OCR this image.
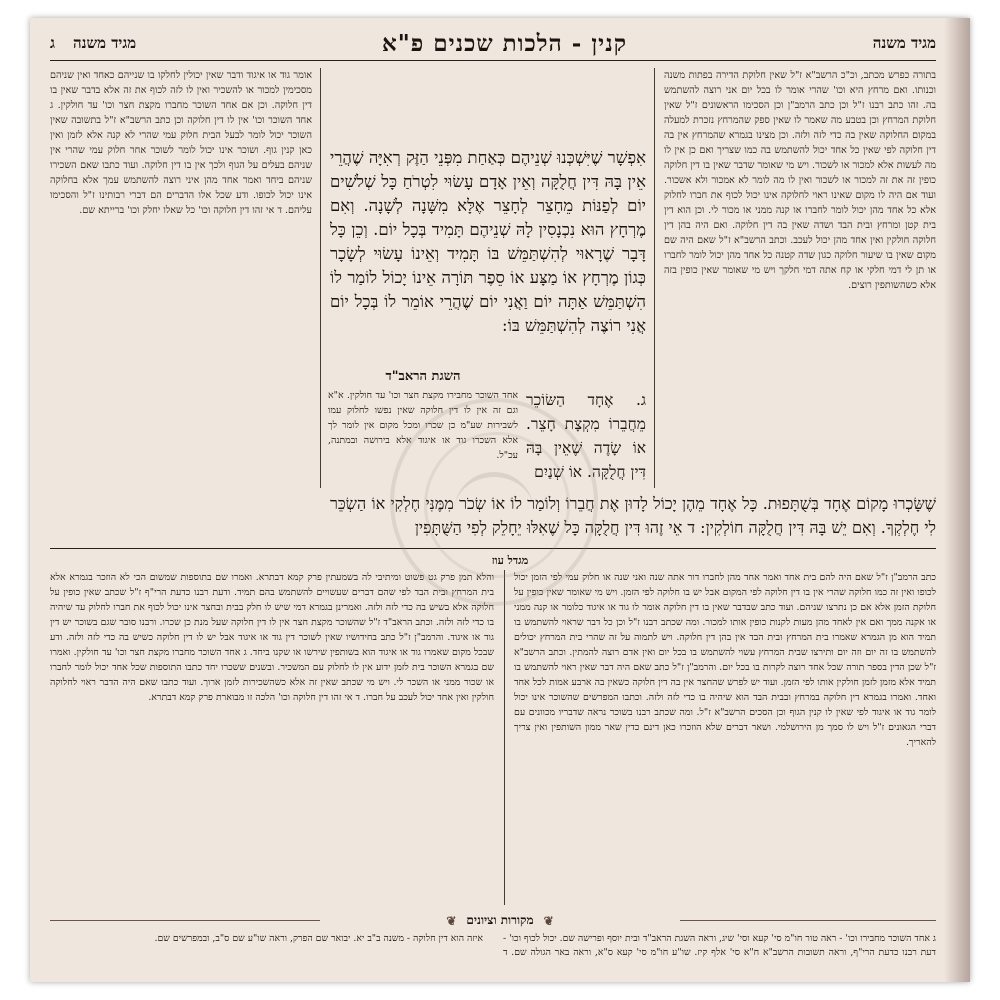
מגיד משנה
קנין - הלכות שכנים פ"א
מגיד משנה
ג
בתורה כפרש מכתב, וכ"כ הרשב"א ז"ל שאין חלוקת הדירה בפתות משנה וכנותו. ואם מרחץ היא וכו' שהרי אומר לו בכל יום אני רוצה להשתמש בה. זהו כתב רבנו ז"ל וכן כתב הרמב"ן וכן הסכימו הראשונים ז"ל שאין חלוקת המרחץ וכן בטבע מה שאמר לו שאין ספק שהמרחץ נזכרת למעלה במקום החלוקה שאין בה כדי לזה ולזה. וכן מצינו בגמרא שהמרחץ אין בה דין חלוקה לפי שאין כל אחד יכול להשתמש בה כמו שצריך ואם כן אין לו מה לעשות אלא למכור או לשכור. ויש מי שאומר שדבר שאין בו דין חלוקה כופין זה את זה למכור או לשכור ואין לו מה לומר לא אמכור ולא אשכור. ועוד אם היה לו מקום שאינו ראוי לחלוקה אינו יכול לכוף את חברו לחלוק אלא כל אחד מהן יכול לומר לחברו או קנה ממני או מכור לי. וכן הוא דין בית קטן ומרחץ ובית הבד ושדה שאין בה דין חלוקה. ואם היה בהן דין חלוקה חולקין ואין אחד מהן יכול לעכב. וכתב הרשב"א ז"ל שאם היה שם מקום שאין בו שיעור חלוקה כגון שדה קטנה כל אחד מהן יכול לומר לחברו או תן לי דמי חלקי או קח אתה דמי חלקך ויש מי שאומר שאין כופין בזה אלא כשהשותפין רוצים.
אומר גוד או איגוד ודבר שאין יכולין לחלקו בו שנייהם כאחד ואין שניהם מסכימין למכור או להשכיר ואין לו לזה לכוף את זה אלא בדבר שאין בו דין חלוקה. וכן אם אחד השוכר מחברו מקצת חצר וכו' עד חולקין. ג אחד השוכר וכו' אין לו דין חלוקה וכן כתב הרשב"א ז"ל בתשובה שאין השוכר יכול לומר לבעל הבית חלוק עמי שהרי לא קנה אלא לזמן ואין כאן קנין גוף. ושוכר אינו יכול לומר לשוכר אחר חלוק עמי שהרי אין שניהם בעלים על הגוף ולכך אין בו דין חלוקה. ועוד כתבו שאם השכירו שניהם ביחד ואמר אחד מהן איני רוצה להשתמש עמך אלא בחלוקה אינו יכול לכופו. ודע שכל אלו הדברים הם דברי רבותינו ז"ל והסכימו עליהם. ד אי זהו דין חלוקה וכו' כל שאלו יחלק וכו' ברייתא שם.
אִפְשָׁר שֶׁיִּשְׁכְּנוּ שְׁנֵיהֶם כְּאַחַת מִפְּנֵי הַזֶּק רְאִיָּה שֶׁהֲרֵי אֵין בָּהּ דִּין חֲלֻקָּה וְאֵין אָדָם עָשׂוּי לִטְרֹחַ כָּל שְׁלֹשִׁים יוֹם לְפַנּוֹת מֵחָצֵר לְחָצֵר אֶלָּא מִשָּׁנָה לְשָׁנָה. וְאִם מֶרְחָץ הוּא נִכְנָסִין לָהּ שְׁנֵיהֶם תָּמִיד בְּכָל יוֹם. וְכֵן כָּל דָּבָר שֶׁרָאוּי לְהִשְׁתַּמֵּשׁ בּוֹ תָּמִיד וְאֵינוֹ עָשׂוּי לְשָׂכָר כְּגוֹן מֶרְחָץ אוֹ מַצָּע אוֹ סֵפֶר תּוֹרָה אֵינוֹ יָכוֹל לוֹמַר לוֹ הִשְׁתַּמֵּשׁ אַתָּה יוֹם וַאֲנִי יוֹם שֶׁהֲרֵי אוֹמֵר לוֹ בְּכָל יוֹם אֲנִי רוֹצֶה לְהִשְׁתַּמֵּשׁ בּוֹ:
השגת הראב"ד
אחד השוכר מחבירו מקצת חצר וכו' עד חולקין. א"א וגם זה אין לו דין חלוקה שאין נפשו לחלוק עמו לשבירות שע"מ כן שכרו ומכל מקום אין לומר לך אלא השכרו גוד או איגוד אלא בירושה ובמתנה, עכ"ל.
ג. אֶחָד הַשּׂוֹכֵר מֵחֲבֵרוֹ מִקְצָת חָצֵר. אוֹ שָׂדֶה שֶׁאֵין בָּהּ דִּין חֲלֻקָּה. אוֹ שְׁנַיִם
שֶׁשָּׂכְרוּ מָקוֹם אֶחָד בְּשֻׁתָּפוּת. כָּל אֶחָד מֵהֶן יָכוֹל לָדוּן אֶת חֲבֵרוֹ וְלוֹמַר לוֹ אוֹ שְׂכֹר מִמֶּנִּי חֶלְקִי אוֹ הַשְׂכֵּר לִי חֶלְקְךָ. וְאִם יֵשׁ בָּהּ דִּין חֲלֻקָּה חוֹלְקִין: ד אֵי זֶהוּ דִּין חֲלֻקָּה כָּל שֶׁאִלּוּ יֵחָלֵק לְפִי הַשֻּׁתָּפִין
מגדל עוז
כתב הרמב"ן ז"ל שאם היה להם בית אחד ואמר אחד מהן לחברו דור אתה שנה ואני שנה או חלוק עמי לפי הזמן יכול לכופו ואין זה כמו חלוקה שהרי אין בו דין חלוקה לפי המקום אבל יש בו חלוקה לפי הזמן. ויש מי שאומר שאין כופין על חלוקת הזמן אלא אם כן נתרצו שניהם. ועוד כתב שבדבר שאין בו דין חלוקה אומר לו גוד או איגוד כלומר או קנה ממני או אקנה ממך ואם אין לאחד מהן מעות לקנות כופין אותו למכור. ומה שכתב רבנו ז"ל וכן כל דבר שראוי להשתמש בו תמיד הוא מן הגמרא שאמרו בית המרחץ ובית הבד אין בהן דין חלוקה. ויש לתמוה על זה שהרי בית המרחץ יכולים להשתמש בו זה יום וזה יום ותירצו שבית המרחץ עשוי להשתמש בו בכל יום ואין אדם רוצה להמתין. וכתב הרשב"א ז"ל שכן הדין בספר תורה שכל אחד רוצה לקרות בו בכל יום. והרמב"ן ז"ל כתב שאם היה דבר שאין ראוי להשתמש בו תמיד אלא מזמן לזמן חולקין אותו לפי הזמן. ועוד יש לפרש שהחצר אין בה דין חלוקה כשאין בה ארבע אמות לכל אחד ואחד. ואמרו בגמרא דין חלוקה במרחץ ובבית הבד הוא שיהיה בו כדי לזה ולזה. וכתבו המפרשים שהשוכר אינו יכול לומר גוד או איגוד לפי שאין לו קנין הגוף וכן הסכים הרשב"א ז"ל. ומה שכתב רבנו בשוכר נראה שדבריו מכוונים עם דברי הגאונים ז"ל ויש לו סמך מן הירושלמי. ושאר דברים שלא הוזכרו כאן דינם כדין שאר ממון השותפין ואין צריך להאריך.
והלא תמן פרק גט פשוט ומיתיבי לה בשמעתין פרק קמא דבתרא. ואמרו שם בתוספות שמשום הכי לא הוזכר בגמרא אלא בית המרחץ ובית הבד לפי שהם דברים שעשויים להשתמש בהם תמיד. ודעת רבנו כדעת הרי"ף ז"ל שכתב שאין כופין על חלוקה אלא בשיש בה כדי לזה ולזה. ואמרינן בגמרא דמי שיש לו חלק בבית ובחצר אינו יכול לכוף את חברו לחלוק עד שיהיה בו כדי לזה ולזה. וכתב הראב"ד ז"ל שהשוכר מקצת חצר אין לו דין חלוקה שעל מנת כן שכרו. ורבנו סובר שגם בשוכר יש דין גוד או איגוד. והרמב"ן ז"ל כתב בחידושיו שאין לשוכר דין גוד או איגוד אבל יש לו דין חלוקה כשיש בה כדי לזה ולזה. ודע שבכל מקום שאמרו גוד או איגוד הוא בשותפין שירשו או שקנו ביחד. ג אחד השוכר מחברו מקצת חצר וכו' עד חולקין. ואמרו שם בגמרא השוכר בית לזמן ידוע אין לו לחלוק עם המשכיר. ובשנים ששכרו יחד כתבו התוספות שכל אחד יכול לומר לחברו או שכור ממני או השכר לי. ויש מי שכתב שאין זה אלא כשהשכירות לזמן ארוך. ועוד כתבו שאם היה הדבר ראוי לחלוקה חולקין ואין אחד יכול לעכב על חברו. ד אי זהו דין חלוקה וכו' הלכה זו מבוארת פרק קמא דבתרא.
❦
מקורות וציונים
❦
ג אחד השוכר מחבירו וכו' - ראה טור חו"מ סי' קעא וסי' שיג, וראה השגת הראב"ד ובית יוסף ופרישה שם. יכול לכוף וכו' - דעת רבנו כדעת הרי"ף, וראה תשובות הרשב"א ח"א סי' אלף קיז. שו"ע חו"מ סי' קעא ס"א, וראה באר הגולה שם. ד איזה הוא דין חלוקה - משנה ב"ב יא. יבואר שם הפרק, וראה שו"ע שם ס"ב, ובמפרשים שם.
